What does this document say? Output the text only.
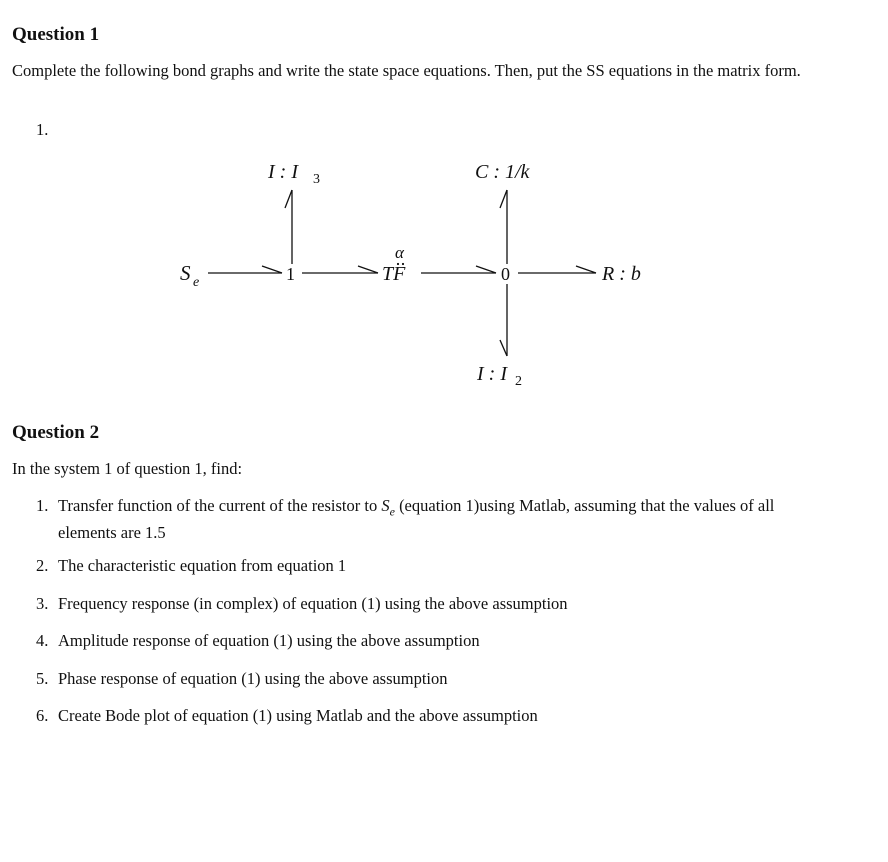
Question 1
Complete the following bond graphs and write the state space equations. Then, put the SS equations in the matrix form.
1.
S e	1
α
TF	0	R : b
I : I 3	C : 1/k
I : I 2
Question 2
In the system 1 of question 1, find:
1. Transfer function of the current of the resistor to $S_e$ (equation 1)using Matlab, assuming that the values of all elements are 1.5
2. The characteristic equation from equation 1
3. Frequency response (in complex) of equation (1) using the above assumption
4. Amplitude response of equation (1) using the above assumption
5. Phase response of equation (1) using the above assumption
6. Create Bode plot of equation (1) using Matlab and the above assumption
